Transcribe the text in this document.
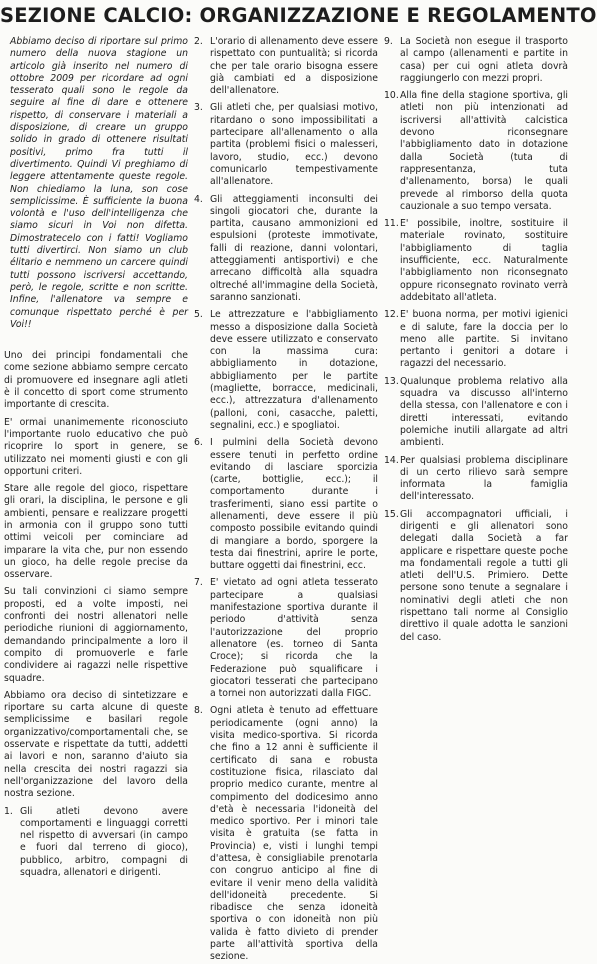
SEZIONE CALCIO: ORGANIZZAZIONE E REGOLAMENTO
Abbiamo deciso di riportare sul primo numero della nuova stagione un articolo già inserito nel numero di ottobre 2009 per ricordare ad ogni tesserato quali sono le regole da seguire al fine di dare e ottenere rispetto, di conservare i materiali a disposizione, di creare un gruppo solido in grado di ottenere risultati positivi, primo fra tutti il divertimento. Quindi Vi preghiamo di leggere attentamente queste regole. Non chiediamo la luna, son cose semplicissime. È sufficiente la buona volontà e l'uso dell'intelligenza che siamo sicuri in Voi non difetta. Dimostratecelo con i fatti! Vogliamo tutti divertirci. Non siamo un club élitario e nemmeno un carcere quindi tutti possono iscriversi accettando, però, le regole, scritte e non scritte. Infine, l'allenatore va sempre e comunque rispettato perché è per Voi!!

Uno dei principi fondamentali che come sezione abbiamo sempre cercato di promuovere ed insegnare agli atleti è il concetto di sport come strumento importante di crescita.

E' ormai unanimemente riconosciuto l'importante ruolo educativo che può ricoprire lo sport in genere, se utilizzato nei momenti giusti e con gli opportuni criteri.

Stare alle regole del gioco, rispettare gli orari, la disciplina, le persone e gli ambienti, pensare e realizzare progetti in armonia con il gruppo sono tutti ottimi veicoli per cominciare ad imparare la vita che, pur non essendo un gioco, ha delle regole precise da osservare.

Su tali convinzioni ci siamo sempre proposti, ed a volte imposti, nei confronti dei nostri allenatori nelle periodiche riunioni di aggiornamento, demandando principalmente a loro il compito di promuoverle e farle condividere ai ragazzi nelle rispettive squadre.

Abbiamo ora deciso di sintetizzare e riportare su carta alcune di queste semplicissime e basilari regole organizzativo/comportamentali che, se osservate e rispettate da tutti, addetti ai lavori e non, saranno d'aiuto sia nella crescita dei nostri ragazzi sia nell'organizzazione del lavoro della nostra sezione.

1. Gli atleti devono avere comportamenti e linguaggi corretti nel rispetto di avversari (in campo e fuori dal terreno di gioco), pubblico, arbitro, compagni di squadra, allenatori e dirigenti.
2. L'orario di allenamento deve essere rispettato con puntualità; si ricorda che per tale orario bisogna essere già cambiati ed a disposizione dell'allenatore.
3. Gli atleti che, per qualsiasi motivo, ritardano o sono impossibilitati a partecipare all'allenamento o alla partita (problemi fisici o malesseri, lavoro, studio, ecc.) devono comunicarlo tempestivamente all'allenatore.
4. Gli atteggiamenti inconsulti dei singoli giocatori che, durante la partita, causano ammonizioni ed espulsioni (proteste immotivate, falli di reazione, danni volontari, atteggiamenti antisportivi) e che arrecano difficoltà alla squadra oltreché all'immagine della Società, saranno sanzionati.
5. Le attrezzature e l'abbigliamento messo a disposizione dalla Società deve essere utilizzato e conservato con la massima cura: abbigliamento in dotazione, abbigliamento per le partite (magliette, borracce, medicinali, ecc.), attrezzatura d'allenamento (palloni, coni, casacche, paletti, segnalini, ecc.) e spogliatoi.
6. I pulmini della Società devono essere tenuti in perfetto ordine evitando di lasciare sporcizia (carte, bottiglie, ecc.); il comportamento durante i trasferimenti, siano essi partite o allenamenti, deve essere il più composto possibile evitando quindi di mangiare a bordo, sporgere la testa dai finestrini, aprire le porte, buttare oggetti dai finestrini, ecc.
7. E' vietato ad ogni atleta tesserato partecipare a qualsiasi manifestazione sportiva durante il periodo d'attività senza l'autorizzazione del proprio allenatore (es. torneo di Santa Croce); si ricorda che la Federazione può squalificare i giocatori tesserati che partecipano a tornei non autorizzati dalla FIGC.
8. Ogni atleta è tenuto ad effettuare periodicamente (ogni anno) la visita medico-sportiva. Si ricorda che fino a 12 anni è sufficiente il certificato di sana e robusta costituzione fisica, rilasciato dal proprio medico curante, mentre al compimento del dodicesimo anno d'età è necessaria l'idoneità del medico sportivo. Per i minori tale visita è gratuita (se fatta in Provincia) e, visti i lunghi tempi d'attesa, è consigliabile prenotarla con congruo anticipo al fine di evitare il venir meno della validità dell'idoneità precedente. Si ribadisce che senza idoneità sportiva o con idoneità non più valida è fatto divieto di prender parte all'attività sportiva della sezione.
9. La Società non esegue il trasporto al campo (allenamenti e partite in casa) per cui ogni atleta dovrà raggiungerlo con mezzi propri.
10. Alla fine della stagione sportiva, gli atleti non più intenzionati ad iscriversi all'attività calcistica devono riconsegnare l'abbigliamento dato in dotazione dalla Società (tuta di rappresentanza, tuta d'allenamento, borsa) le quali prevede al rimborso della quota cauzionale a suo tempo versata.
11. E' possibile, inoltre, sostituire il materiale rovinato, sostituire l'abbigliamento di taglia insufficiente, ecc. Naturalmente l'abbigliamento non riconsegnato oppure riconsegnato rovinato verrà addebitato all'atleta.
12. E' buona norma, per motivi igienici e di salute, fare la doccia per lo meno alle partite. Si invitano pertanto i genitori a dotare i ragazzi del necessario.
13. Qualunque problema relativo alla squadra va discusso all'interno della stessa, con l'allenatore e con i diretti interessati, evitando polemiche inutili allargate ad altri ambienti.
14. Per qualsiasi problema disciplinare di un certo rilievo sarà sempre informata la famiglia dell'interessato.
15. Gli accompagnatori ufficiali, i dirigenti e gli allenatori sono delegati dalla Società a far applicare e rispettare queste poche ma fondamentali regole a tutti gli atleti dell'U.S. Primiero. Dette persone sono tenute a segnalare i nominativi degli atleti che non rispettano tali norme al Consiglio direttivo il quale adotta le sanzioni del caso.
